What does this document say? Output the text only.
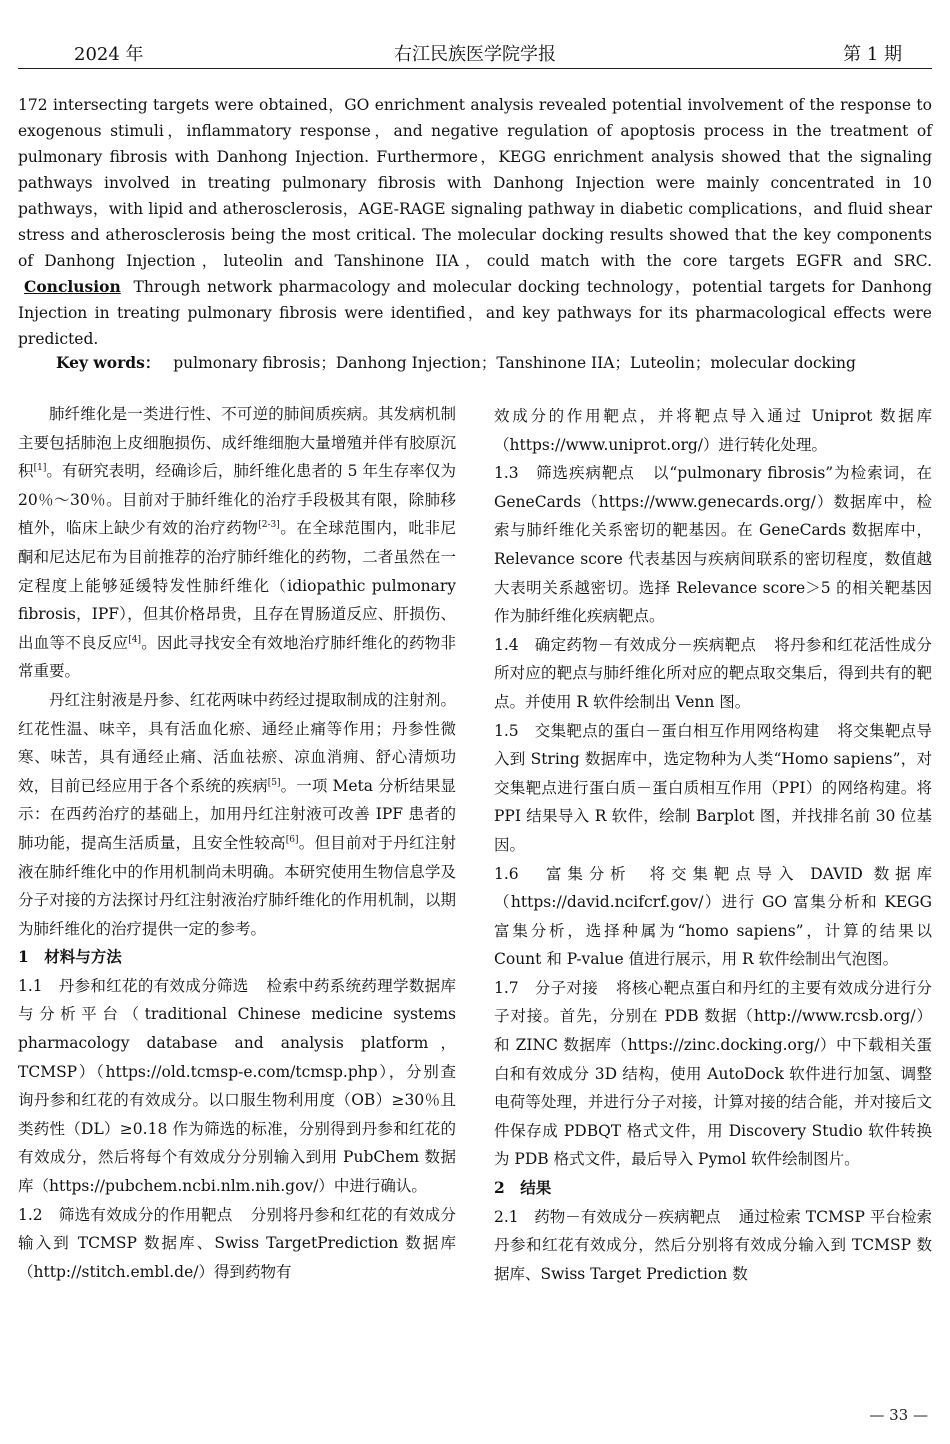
2024 年	右江民族医学院学报	第 1 期
172 intersecting targets were obtained，GO enrichment analysis revealed potential involvement of the response to exogenous stimuli，inflammatory response，and negative regulation of apoptosis process in the treatment of pulmonary fibrosis with Danhong Injection. Furthermore，KEGG enrichment analysis showed that the signaling pathways involved in treating pulmonary fibrosis with Danhong Injection were mainly concentrated in 10 pathways，with lipid and atherosclerosis，AGE-RAGE signaling pathway in diabetic complications，and fluid shear stress and atherosclerosis being the most critical. The molecular docking results showed that the key components of Danhong Injection，luteolin and Tanshinone IIA，could match with the core targets EGFR and SRC. Conclusion Through network pharmacology and molecular docking technology，potential targets for Danhong Injection in treating pulmonary fibrosis were identified，and key pathways for its pharmacological effects were predicted.
Key words： pulmonary fibrosis；Danhong Injection；Tanshinone IIA；Luteolin；molecular docking

肺纤维化是一类进行性、不可逆的肺间质疾病。其发病机制主要包括肺泡上皮细胞损伤、成纤维细胞大量增殖并伴有胶原沉积[1]。有研究表明，经确诊后，肺纤维化患者的 5 年生存率仅为 20％～30％。目前对于肺纤维化的治疗手段极其有限，除肺移植外，临床上缺少有效的治疗药物[2-3]。在全球范围内，吡非尼酮和尼达尼布为目前推荐的治疗肺纤维化的药物，二者虽然在一定程度上能够延缓特发性肺纤维化（idiopathic pulmonary fibrosis，IPF），但其价格昂贵，且存在胃肠道反应、肝损伤、出血等不良反应[4]。因此寻找安全有效地治疗肺纤维化的药物非常重要。

丹红注射液是丹参、红花两味中药经过提取制成的注射剂。红花性温、味辛，具有活血化瘀、通经止痛等作用；丹参性微寒、味苦，具有通经止痛、活血祛瘀、凉血消痈、舒心清烦功效，目前已经应用于各个系统的疾病[5]。一项 Meta 分析结果显示：在西药治疗的基础上，加用丹红注射液可改善 IPF 患者的肺功能，提高生活质量，且安全性较高[6]。但目前对于丹红注射液在肺纤维化中的作用机制尚未明确。本研究使用生物信息学及分子对接的方法探讨丹红注射液治疗肺纤维化的作用机制，以期为肺纤维化的治疗提供一定的参考。

1　材料与方法

1.1　丹参和红花的有效成分筛选 检索中药系统药理学数据库与分析平台（traditional Chinese medicine systems pharmacology database and analysis platform，TCMSP）（https://old.tcmsp-e.com/tcmsp.php），分别查询丹参和红花的有效成分。以口服生物利用度（OB）≥30％且类药性（DL）≥0.18 作为筛选的标准，分别得到丹参和红花的有效成分，然后将每个有效成分分别输入到用 PubChem 数据库（https://pubchem.ncbi.nlm.nih.gov/）中进行确认。

1.2　筛选有效成分的作用靶点 分别将丹参和红花的有效成分输入到 TCMSP 数据库、Swiss TargetPrediction 数据库（http://stitch.embl.de/）得到药物有

效成分的作用靶点，并将靶点导入通过 Uniprot 数据库（https://www.uniprot.org/）进行转化处理。

1.3　筛选疾病靶点 以“pulmonary fibrosis”为检索词，在 GeneCards（https://www.genecards.org/）数据库中，检索与肺纤维化关系密切的靶基因。在 GeneCards 数据库中，Relevance score 代表基因与疾病间联系的密切程度，数值越大表明关系越密切。选择 Relevance score＞5 的相关靶基因作为肺纤维化疾病靶点。

1.4　确定药物－有效成分－疾病靶点 将丹参和红花活性成分所对应的靶点与肺纤维化所对应的靶点取交集后，得到共有的靶点。并使用 R 软件绘制出 Venn 图。

1.5　交集靶点的蛋白－蛋白相互作用网络构建 将交集靶点导入到 String 数据库中，选定物种为人类“Homo sapiens”，对交集靶点进行蛋白质－蛋白质相互作用（PPI）的网络构建。将 PPI 结果导入 R 软件，绘制 Barplot 图，并找排名前 30 位基因。

1.6　富集分析 将交集靶点导入 DAVID 数据库（https://david.ncifcrf.gov/）进行 GO 富集分析和 KEGG 富集分析，选择种属为“homo sapiens”，计算的结果以 Count 和 P-value 值进行展示，用 R 软件绘制出气泡图。

1.7　分子对接 将核心靶点蛋白和丹红的主要有效成分进行分子对接。首先，分别在 PDB 数据（http://www.rcsb.org/）和 ZINC 数据库（https://zinc.docking.org/）中下载相关蛋白和有效成分 3D 结构，使用 AutoDock 软件进行加氢、调整电荷等处理，并进行分子对接，计算对接的结合能，并对接后文件保存成 PDBQT 格式文件，用 Discovery Studio 软件转换为 PDB 格式文件，最后导入 Pymol 软件绘制图片。

2　结果

2.1　药物－有效成分－疾病靶点 通过检索 TCMSP 平台检索丹参和红花有效成分，然后分别将有效成分输入到 TCMSP 数据库、Swiss Target Prediction 数

— 33 —
